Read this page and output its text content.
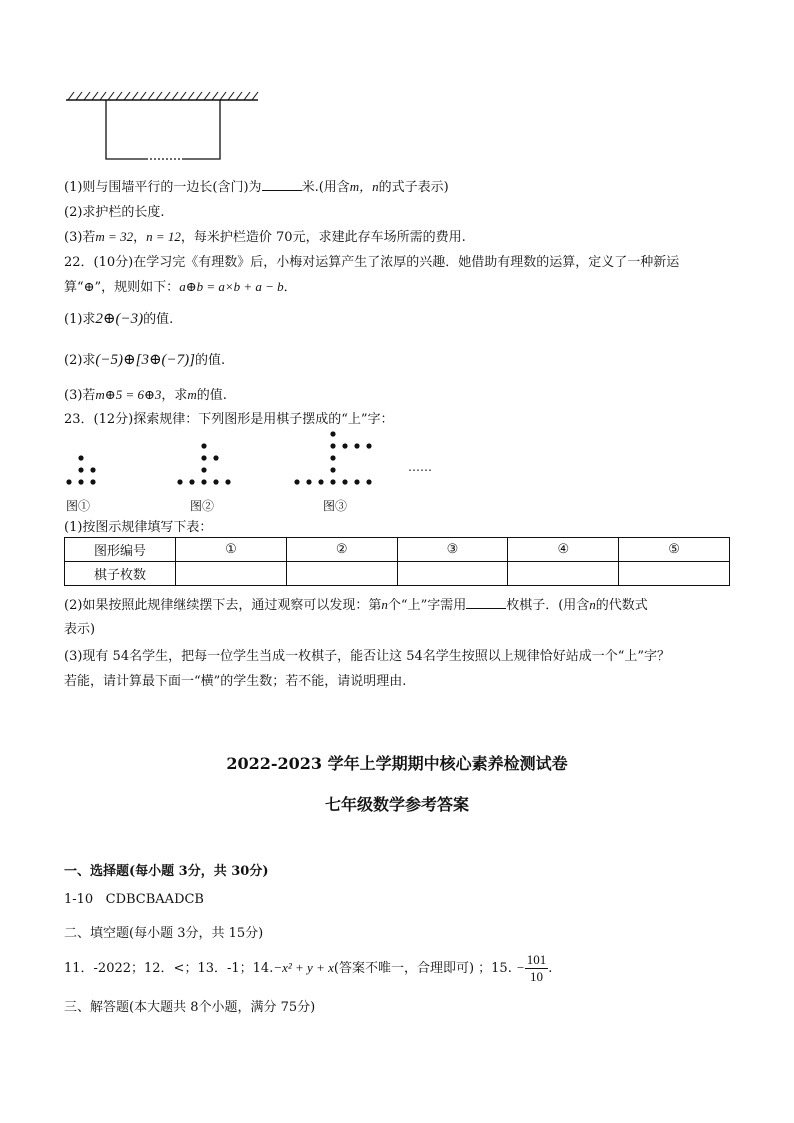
(1)则与围墙平行的一边长(含门)为	米.(用含m，n的式子表示)
(2)求护栏的长度.
(3)若m = 32，n = 12，每米护栏造价 70元，求建此存车场所需的费用.
22．(10分)在学习完《有理数》后，小梅对运算产生了浓厚的兴趣．她借助有理数的运算，定义了一种新运
算“⊕”，规则如下：a⊕b = a×b + a − b．
(1)求2⊕(−3)的值.
(2)求(−5)⊕[3⊕(−7)]的值.
(3)若m⊕5 = 6⊕3，求m的值.
23．(12分)探索规律：下列图形是用棋子摆成的“上”字：
……
图①	图②	图③
(1)按图示规律填写下表：
图形编号	①	②	③	④	⑤
棋子枚数					
(2)如果按照此规律继续摆下去，通过观察可以发现：第n个“上”字需用	枚棋子．(用含n的代数式
表示)
(3)现有 54名学生，把每一位学生当成一枚棋子，能否让这 54名学生按照以上规律恰好站成一个“上”字？
若能，请计算最下面一“横”的学生数；若不能，请说明理由.
2022-2023 学年上学期期中核心素养检测试卷
七年级数学参考答案
一、选择题(每小题 3分，共 30分)
1-10 CDBCBAADCB
二、填空题(每小题 3分，共 15分)
11．-2022；12．<；13．-1；14.−x² + y + x(答案不唯一，合理即可) ；15. − $\frac{101}{10}$ .
三、解答题(本大题共 8个小题，满分 75分)
